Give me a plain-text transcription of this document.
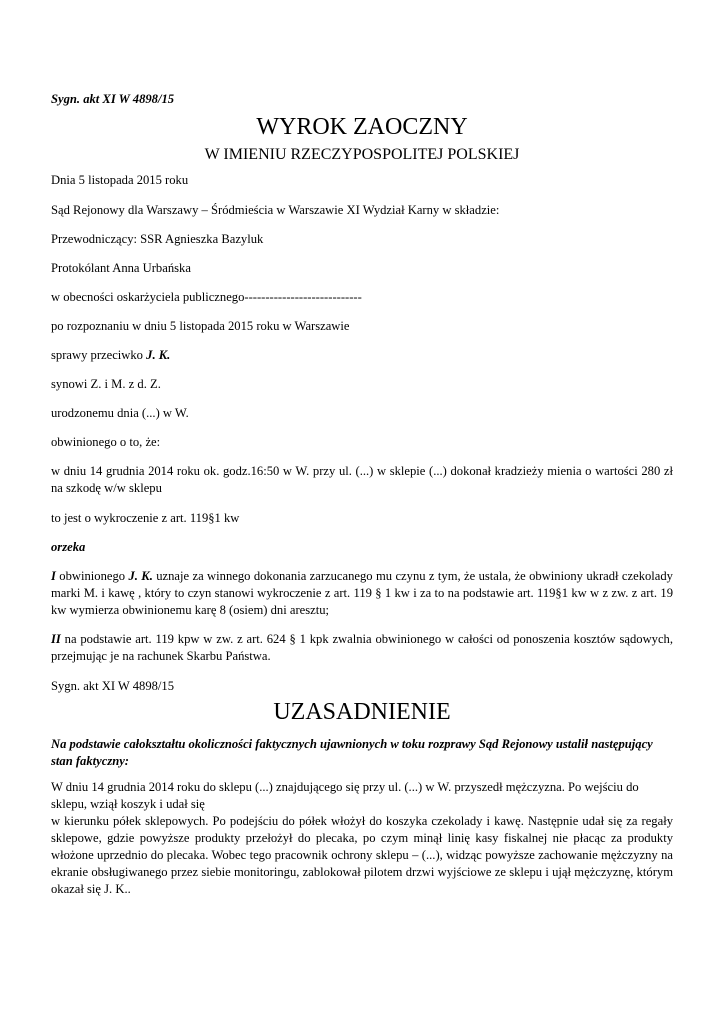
Sygn. akt XI W 4898/15
WYROK ZAOCZNY
W IMIENIU RZECZYPOSPOLITEJ POLSKIEJ
Dnia 5 listopada 2015 roku
Sąd Rejonowy dla Warszawy – Śródmieścia w Warszawie XI Wydział Karny w składzie:
Przewodniczący: SSR Agnieszka Bazyluk
Protokólant Anna Urbańska
w obecności oskarżyciela publicznego----------------------------
po rozpoznaniu w dniu 5 listopada 2015 roku w Warszawie
sprawy przeciwko J. K.
synowi Z. i M. z d. Z.
urodzonemu dnia (...) w W.
obwinionego o to, że:
w dniu 14 grudnia 2014 roku ok. godz.16:50 w W. przy ul. (...) w sklepie (...) dokonał kradzieży mienia o wartości 280 zł na szkodę w/w sklepu
to jest o wykroczenie z art. 119§1 kw
orzeka
I obwinionego J. K. uznaje za winnego dokonania zarzucanego mu czynu z tym, że ustala, że obwiniony ukradł czekolady marki M. i kawę , który to czyn stanowi wykroczenie z art. 119 § 1 kw i za to na podstawie art. 119§1 kw w z zw. z art. 19 kw wymierza obwinionemu karę 8 (osiem) dni aresztu;
II na podstawie art. 119 kpw w zw. z art. 624 § 1 kpk zwalnia obwinionego w całości od ponoszenia kosztów sądowych, przejmując je na rachunek Skarbu Państwa.
Sygn. akt XI W 4898/15
UZASADNIENIE
Na podstawie całokształtu okoliczności faktycznych ujawnionych w toku rozprawy Sąd Rejonowy ustalił następujący stan faktyczny:
W dniu 14 grudnia 2014 roku do sklepu (...) znajdującego się przy ul. (...) w W. przyszedł mężczyzna. Po wejściu do sklepu, wziął koszyk i udał się
w kierunku półek sklepowych. Po podejściu do półek włożył do koszyka czekolady i kawę. Następnie udał się za regały sklepowe, gdzie powyższe produkty przełożył do plecaka, po czym minął linię kasy fiskalnej nie płacąc za produkty włożone uprzednio do plecaka. Wobec tego pracownik ochrony sklepu – (...), widząc powyższe zachowanie mężczyzny na ekranie obsługiwanego przez siebie monitoringu, zablokował pilotem drzwi wyjściowe ze sklepu i ujął mężczyznę, którym okazał się J. K..
